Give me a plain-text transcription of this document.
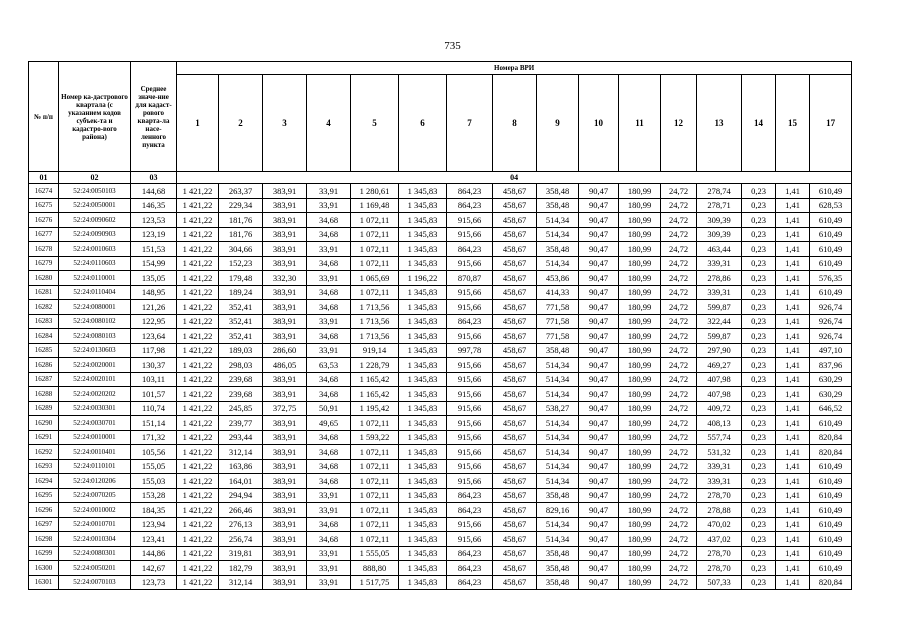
735
№ п/п	Номер ка-дастрового квартала (с указанием кодов субъек-та и кадастро-вого района)	Среднее значе-ние для кадаст-рового кварта-ла насе-ленного пункта	Номера ВРИ															
			1	2	3	4	5	6	7	8	9	10	11	12	13	14	15	17
01	02	03	04															
16274	52:24:0050103	144,68	1 421,22	263,37	383,91	33,91	1 280,61	1 345,83	864,23	458,67	358,48	90,47	180,99	24,72	278,74	0,23	1,41	610,49
16275	52:24:0050001	146,35	1 421,22	229,34	383,91	33,91	1 169,48	1 345,83	864,23	458,67	358,48	90,47	180,99	24,72	278,71	0,23	1,41	628,53
16276	52:24:0090602	123,53	1 421,22	181,76	383,91	34,68	1 072,11	1 345,83	915,66	458,67	514,34	90,47	180,99	24,72	309,39	0,23	1,41	610,49
16277	52:24:0090903	123,19	1 421,22	181,76	383,91	34,68	1 072,11	1 345,83	915,66	458,67	514,34	90,47	180,99	24,72	309,39	0,23	1,41	610,49
16278	52:24:0010603	151,53	1 421,22	304,66	383,91	33,91	1 072,11	1 345,83	864,23	458,67	358,48	90,47	180,99	24,72	463,44	0,23	1,41	610,49
16279	52:24:0110603	154,99	1 421,22	152,23	383,91	34,68	1 072,11	1 345,83	915,66	458,67	514,34	90,47	180,99	24,72	339,31	0,23	1,41	610,49
16280	52:24:0110001	135,05	1 421,22	179,48	332,30	33,91	1 065,69	1 196,22	870,87	458,67	453,86	90,47	180,99	24,72	278,86	0,23	1,41	576,35
16281	52:24:0110404	148,95	1 421,22	189,24	383,91	34,68	1 072,11	1 345,83	915,66	458,67	414,33	90,47	180,99	24,72	339,31	0,23	1,41	610,49
16282	52:24:0080001	121,26	1 421,22	352,41	383,91	34,68	1 713,56	1 345,83	915,66	458,67	771,58	90,47	180,99	24,72	599,87	0,23	1,41	926,74
16283	52:24:0080102	122,95	1 421,22	352,41	383,91	33,91	1 713,56	1 345,83	864,23	458,67	771,58	90,47	180,99	24,72	322,44	0,23	1,41	926,74
16284	52:24:0080103	123,64	1 421,22	352,41	383,91	34,68	1 713,56	1 345,83	915,66	458,67	771,58	90,47	180,99	24,72	599,87	0,23	1,41	926,74
16285	52:24:0130603	117,98	1 421,22	189,03	286,60	33,91	919,14	1 345,83	997,78	458,67	358,48	90,47	180,99	24,72	297,90	0,23	1,41	497,10
16286	52:24:0020001	130,37	1 421,22	298,03	486,05	63,53	1 228,79	1 345,83	915,66	458,67	514,34	90,47	180,99	24,72	469,27	0,23	1,41	837,96
16287	52:24:0020101	103,11	1 421,22	239,68	383,91	34,68	1 165,42	1 345,83	915,66	458,67	514,34	90,47	180,99	24,72	407,98	0,23	1,41	630,29
16288	52:24:0020202	101,57	1 421,22	239,68	383,91	34,68	1 165,42	1 345,83	915,66	458,67	514,34	90,47	180,99	24,72	407,98	0,23	1,41	630,29
16289	52:24:0030301	110,74	1 421,22	245,85	372,75	50,91	1 195,42	1 345,83	915,66	458,67	538,27	90,47	180,99	24,72	409,72	0,23	1,41	646,52
16290	52:24:0030701	151,14	1 421,22	239,77	383,91	49,65	1 072,11	1 345,83	915,66	458,67	514,34	90,47	180,99	24,72	408,13	0,23	1,41	610,49
16291	52:24:0010001	171,32	1 421,22	293,44	383,91	34,68	1 593,22	1 345,83	915,66	458,67	514,34	90,47	180,99	24,72	557,74	0,23	1,41	820,84
16292	52:24:0010401	105,56	1 421,22	312,14	383,91	34,68	1 072,11	1 345,83	915,66	458,67	514,34	90,47	180,99	24,72	531,32	0,23	1,41	820,84
16293	52:24:0110101	155,05	1 421,22	163,86	383,91	34,68	1 072,11	1 345,83	915,66	458,67	514,34	90,47	180,99	24,72	339,31	0,23	1,41	610,49
16294	52:24:0120206	155,03	1 421,22	164,01	383,91	34,68	1 072,11	1 345,83	915,66	458,67	514,34	90,47	180,99	24,72	339,31	0,23	1,41	610,49
16295	52:24:0070205	153,28	1 421,22	294,94	383,91	33,91	1 072,11	1 345,83	864,23	458,67	358,48	90,47	180,99	24,72	278,70	0,23	1,41	610,49
16296	52:24:0010002	184,35	1 421,22	266,46	383,91	33,91	1 072,11	1 345,83	864,23	458,67	829,16	90,47	180,99	24,72	278,88	0,23	1,41	610,49
16297	52:24:0010701	123,94	1 421,22	276,13	383,91	34,68	1 072,11	1 345,83	915,66	458,67	514,34	90,47	180,99	24,72	470,02	0,23	1,41	610,49
16298	52:24:0010304	123,41	1 421,22	256,74	383,91	34,68	1 072,11	1 345,83	915,66	458,67	514,34	90,47	180,99	24,72	437,02	0,23	1,41	610,49
16299	52:24:0080301	144,86	1 421,22	319,81	383,91	33,91	1 555,05	1 345,83	864,23	458,67	358,48	90,47	180,99	24,72	278,70	0,23	1,41	610,49
16300	52:24:0050201	142,67	1 421,22	182,79	383,91	33,91	888,80	1 345,83	864,23	458,67	358,48	90,47	180,99	24,72	278,70	0,23	1,41	610,49
16301	52:24:0070103	123,73	1 421,22	312,14	383,91	33,91	1 517,75	1 345,83	864,23	458,67	358,48	90,47	180,99	24,72	507,33	0,23	1,41	820,84
